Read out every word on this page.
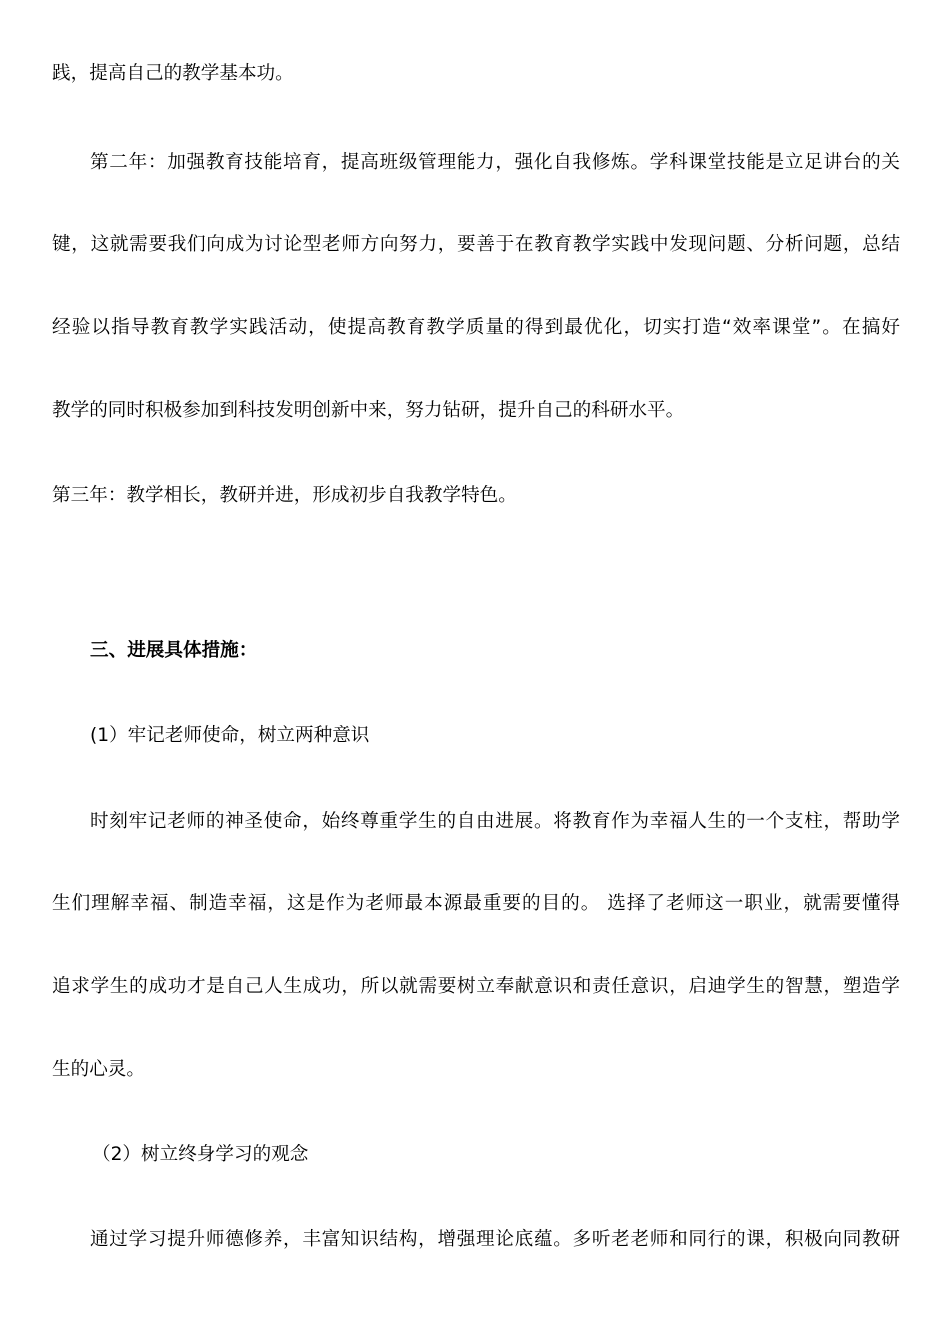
践，提高自己的教学基本功。

第二年：加强教育技能培育，提高班级管理能力，强化自我修炼。学科课堂技能是立足讲台的关

键，这就需要我们向成为讨论型老师方向努力，要善于在教育教学实践中发现问题、分析问题，总结

经验以指导教育教学实践活动，使提高教育教学质量的得到最优化，切实打造“效率课堂”。在搞好

教学的同时积极参加到科技发明创新中来，努力钻研，提升自己的科研水平。

第三年：教学相长，教研并进，形成初步自我教学特色。

三、进展具体措施：

(1）牢记老师使命，树立两种意识

时刻牢记老师的神圣使命，始终尊重学生的自由进展。将教育作为幸福人生的一个支柱，帮助学

生们理解幸福、制造幸福，这是作为老师最本源最重要的目的。 选择了老师这一职业，就需要懂得

追求学生的成功才是自己人生成功，所以就需要树立奉献意识和责任意识，启迪学生的智慧，塑造学

生的心灵。

（2）树立终身学习的观念

通过学习提升师德修养，丰富知识结构，增强理论底蕴。多听老老师和同行的课，积极向同教研
